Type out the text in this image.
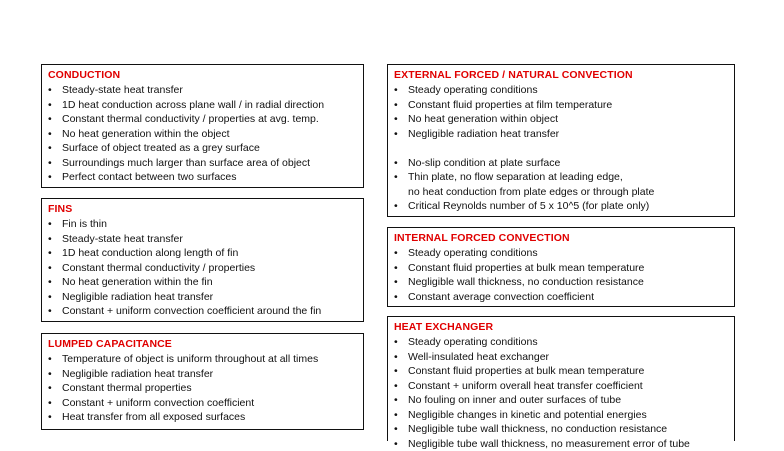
CONDUCTION
• Steady-state heat transfer
• 1D heat conduction across plane wall / in radial direction
• Constant thermal conductivity / properties at avg. temp.
• No heat generation within the object
• Surface of object treated as a grey surface
• Surroundings much larger than surface area of object
• Perfect contact between two surfaces
FINS
• Fin is thin
• Steady-state heat transfer
• 1D heat conduction along length of fin
• Constant thermal conductivity / properties
• No heat generation within the fin
• Negligible radiation heat transfer
• Constant + uniform convection coefficient around the fin
LUMPED CAPACITANCE
• Temperature of object is uniform throughout at all times
• Negligible radiation heat transfer
• Constant thermal properties
• Constant + uniform convection coefficient
• Heat transfer from all exposed surfaces
EXTERNAL FORCED / NATURAL CONVECTION
• Steady operating conditions
• Constant fluid properties at film temperature
• No heat generation within object
• Negligible radiation heat transfer
• No-slip condition at plate surface
• Thin plate, no flow separation at leading edge,
no heat conduction from plate edges or through plate
• Critical Reynolds number of 5 x 10^5 (for plate only)
INTERNAL FORCED CONVECTION
• Steady operating conditions
• Constant fluid properties at bulk mean temperature
• Negligible wall thickness, no conduction resistance
• Constant average convection coefficient
HEAT EXCHANGER
• Steady operating conditions
• Well-insulated heat exchanger
• Constant fluid properties at bulk mean temperature
• Constant + uniform overall heat transfer coefficient
• No fouling on inner and outer surfaces of tube
• Negligible changes in kinetic and potential energies
• Negligible tube wall thickness, no conduction resistance
• Negligible tube wall thickness, no measurement error of tube
